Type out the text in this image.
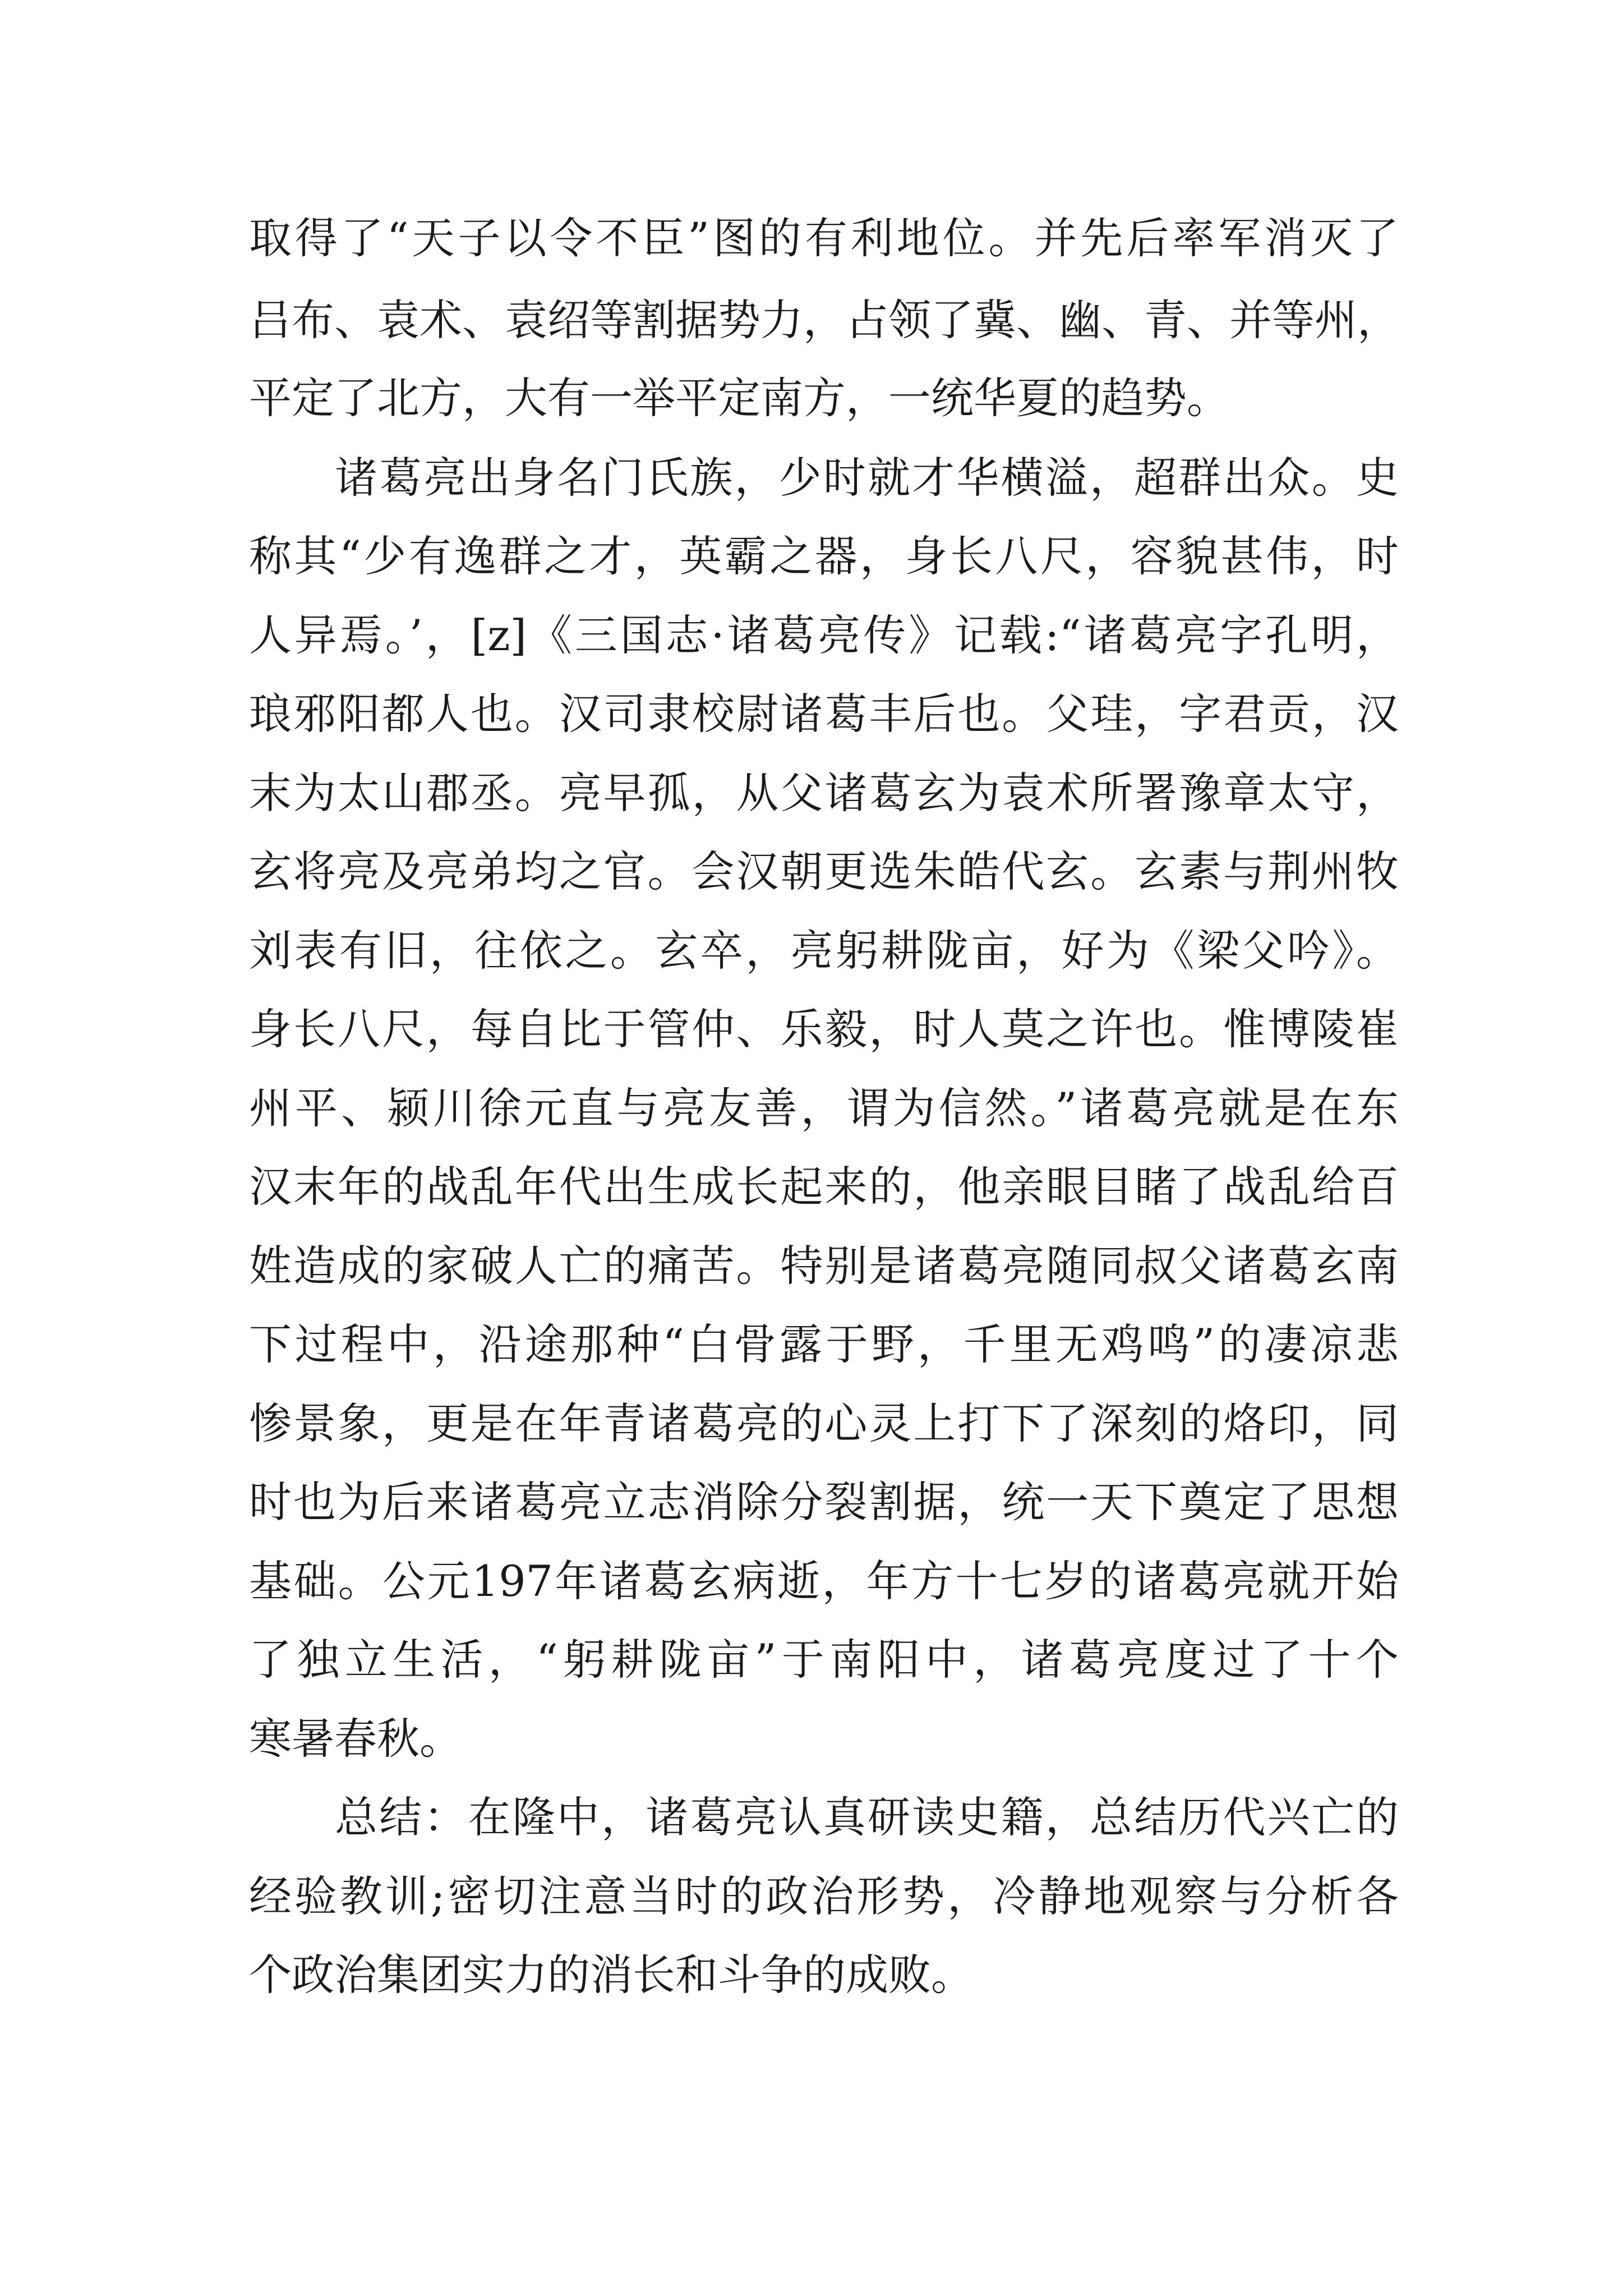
取得了“天子以令不臣”图的有利地位。并先后率军消灭了

吕布、袁术、袁绍等割据势力，占领了冀、幽、青、并等州，

平定了北方，大有一举平定南方，一统华夏的趋势。

诸葛亮出身名门氏族，少时就才华横溢，超群出众。史

称其“少有逸群之才，英霸之器，身长八尺，容貌甚伟，时

人异焉。’，[z]《三国志·诸葛亮传》记载:“诸葛亮字孔明，

琅邪阳都人也。汉司隶校尉诸葛丰后也。父珪，字君贡，汉

末为太山郡丞。亮早孤，从父诸葛玄为袁术所署豫章太守，

玄将亮及亮弟均之官。会汉朝更选朱皓代玄。玄素与荆州牧

刘表有旧，往依之。玄卒，亮躬耕陇亩，好为《梁父吟》。

身长八尺，每自比于管仲、乐毅，时人莫之许也。惟博陵崔

州平、颍川徐元直与亮友善，谓为信然。”诸葛亮就是在东

汉末年的战乱年代出生成长起来的，他亲眼目睹了战乱给百

姓造成的家破人亡的痛苦。特别是诸葛亮随同叔父诸葛玄南

下过程中，沿途那种“白骨露于野，千里无鸡鸣”的凄凉悲

惨景象，更是在年青诸葛亮的心灵上打下了深刻的烙印，同

时也为后来诸葛亮立志消除分裂割据，统一天下奠定了思想

基础。公元197年诸葛玄病逝，年方十七岁的诸葛亮就开始

了独立生活，“躬耕陇亩”于南阳中，诸葛亮度过了十个

寒暑春秋。

总结：在隆中，诸葛亮认真研读史籍，总结历代兴亡的

经验教训;密切注意当时的政治形势，冷静地观察与分析各

个政治集团实力的消长和斗争的成败。
